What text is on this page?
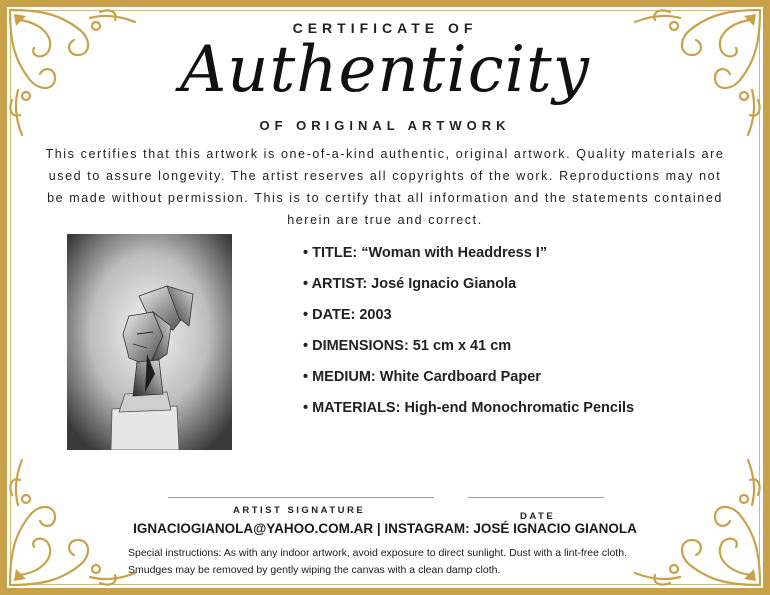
CERTIFICATE OF
Authenticity
OF ORIGINAL ARTWORK
This certifies that this artwork is one-of-a-kind authentic, original artwork. Quality materials are used to assure longevity. The artist reserves all copyrights of the work. Reproductions may not be made without permission. This is to certify that all information and the statements contained herein are true and correct.
• TITLE: “Woman with Headdress I”
• ARTIST: José Ignacio Gianola
• DATE: 2003
• DIMENSIONS: 51 cm x 41 cm
• MEDIUM: White Cardboard Paper
• MATERIALS: High-end Monochromatic Pencils
ARTIST SIGNATURE
DATE
IGNACIOGIANOLA@YAHOO.COM.AR | INSTAGRAM: JOSÉ IGNACIO GIANOLA
Special instructions: As with any indoor artwork, avoid exposure to direct sunlight. Dust with a lint-free cloth.
Smudges may be removed by gently wiping the canvas with a clean damp cloth.
